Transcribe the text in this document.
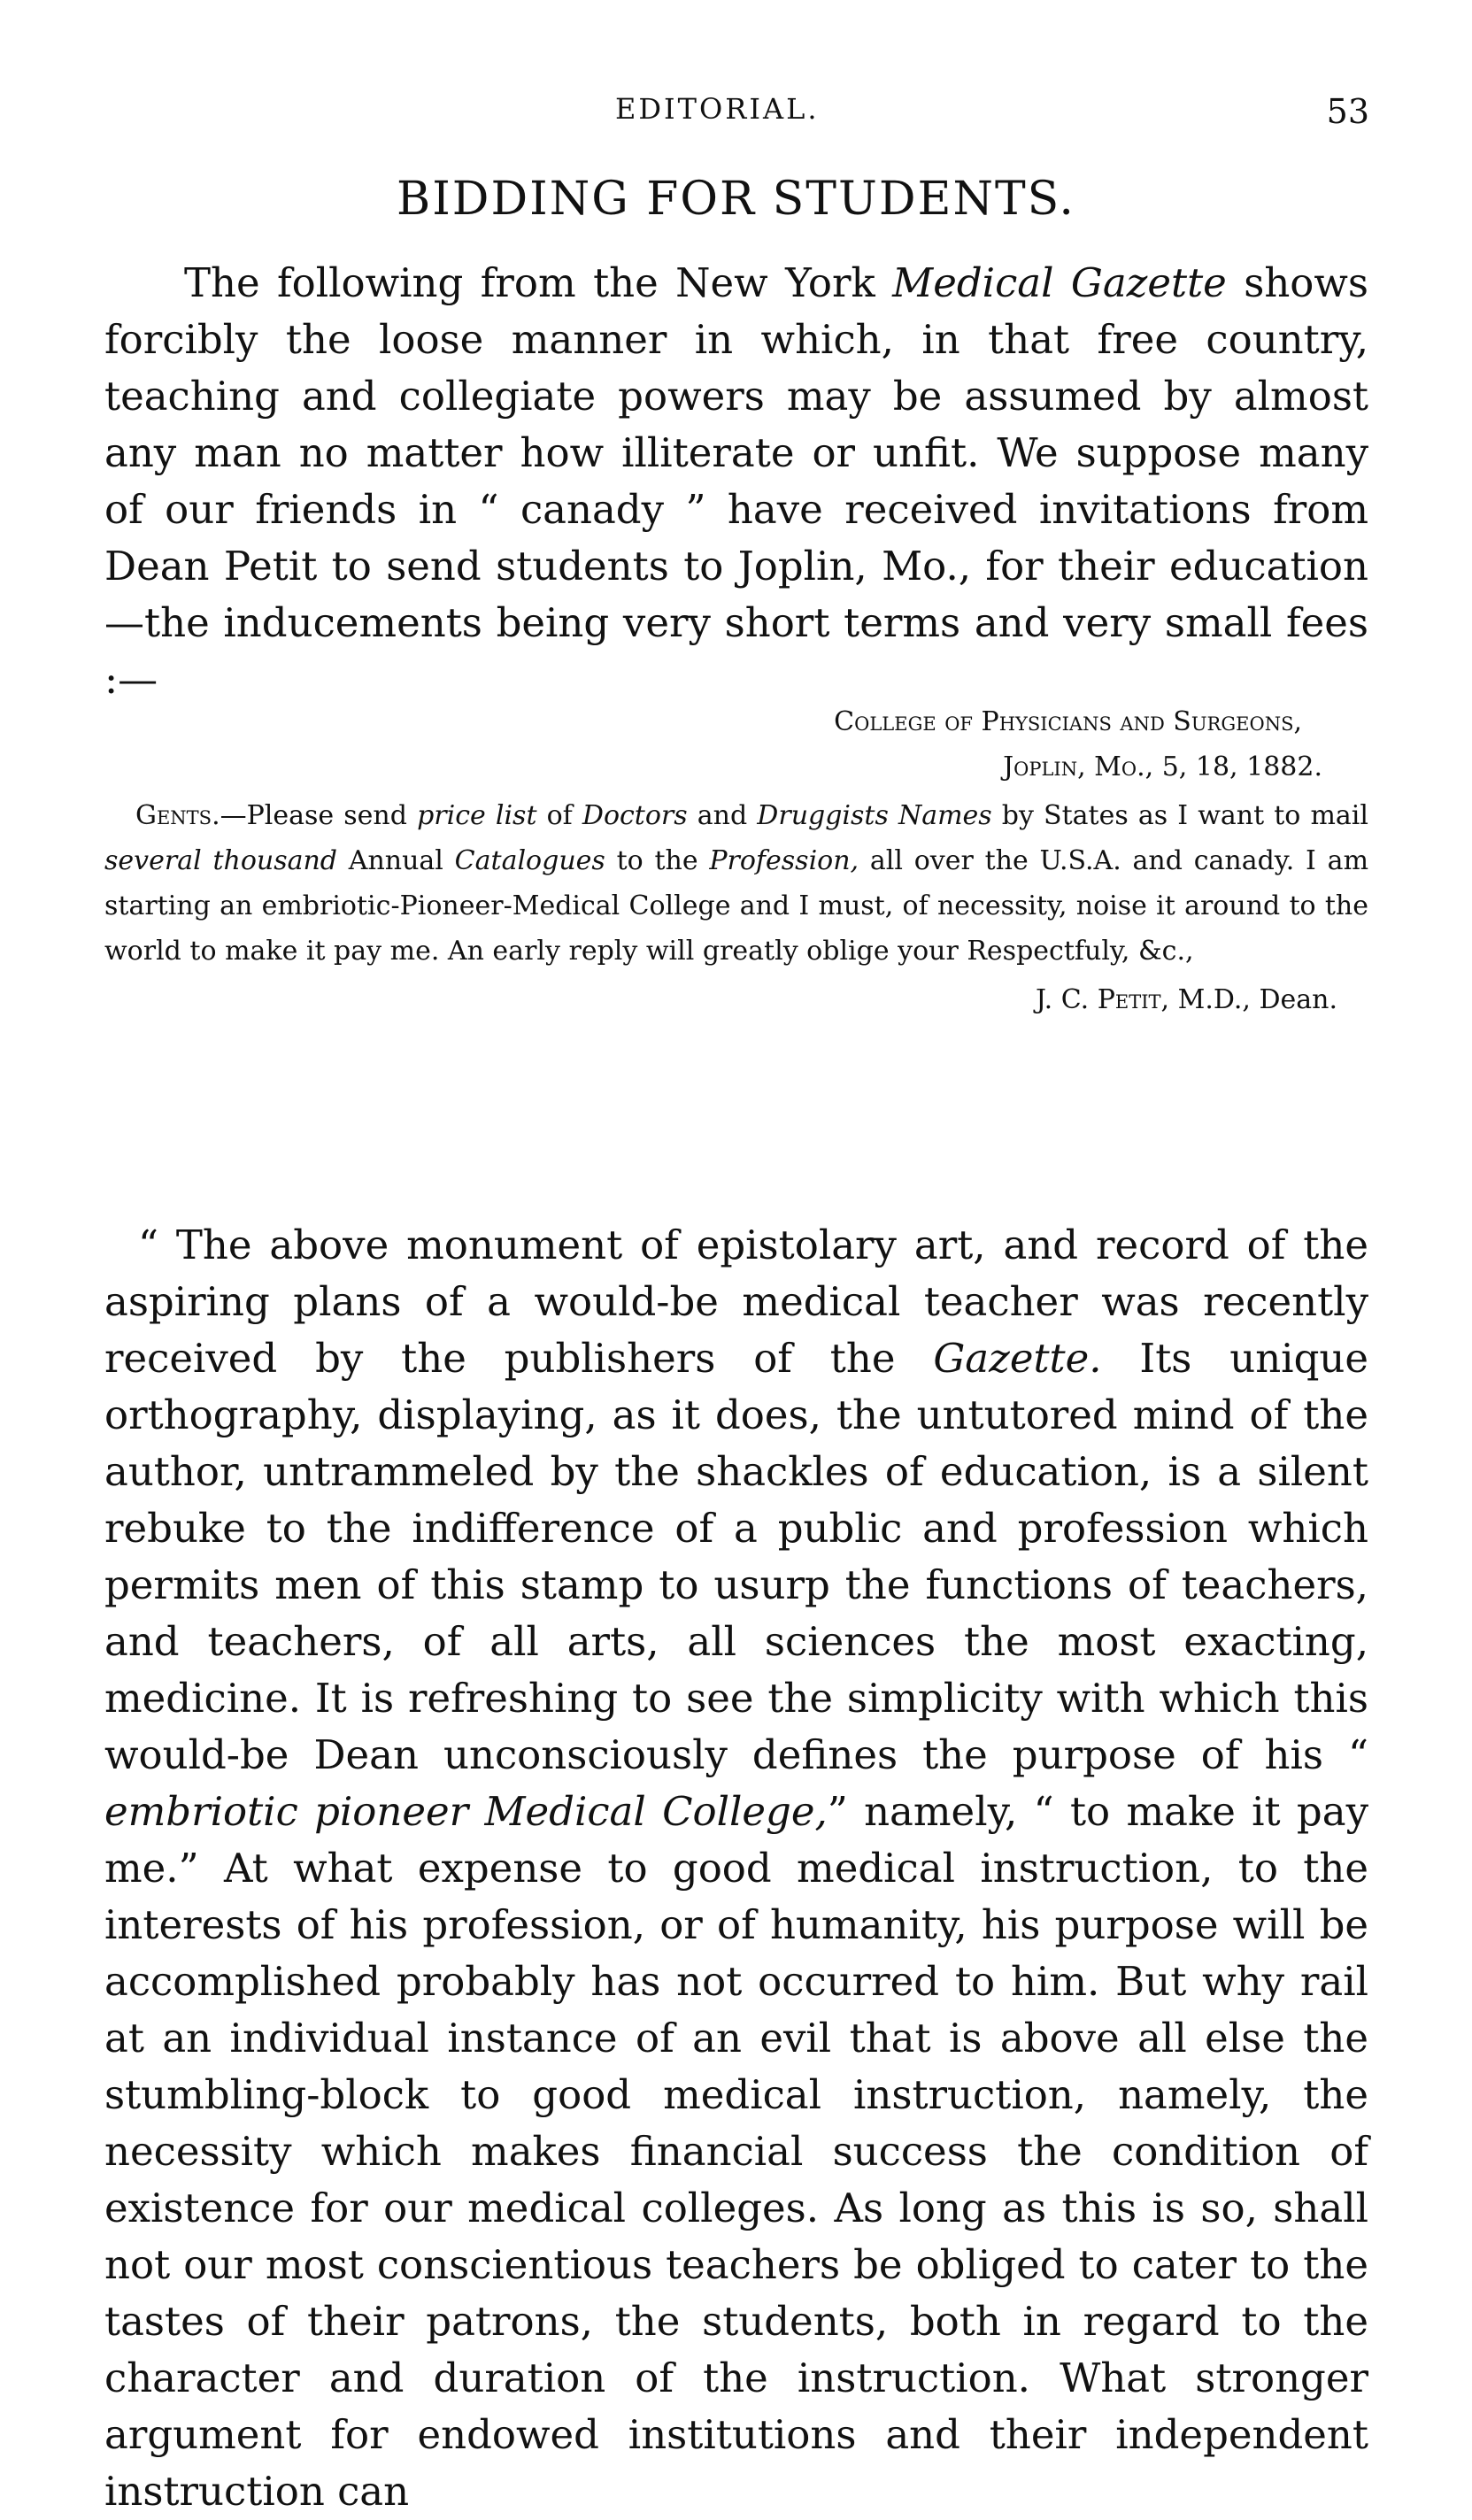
EDITORIAL.	53
BIDDING FOR STUDENTS.

The following from the New York Medical Gazette shows forcibly the loose manner in which, in that free country, teaching and collegiate powers may be assumed by almost any man no matter how illiterate or unfit. We suppose many of our friends in “ canady ” have received invitations from Dean Petit to send students to Joplin, Mo., for their education—the inducements being very short terms and very small fees :—

College of Physicians and Surgeons,
Joplin, Mo., 5, 18, 1882.
Gents.—Please send price list of Doctors and Druggists Names by States as I want to mail several thousand Annual Catalogues to the Profession, all over the U.S.A. and canady. I am starting an embriotic-Pioneer-Medical College and I must, of necessity, noise it around to the world to make it pay me. An early reply will greatly oblige your Respectfuly, &c.,
J. C. Petit, M.D., Dean.

“ The above monument of epistolary art, and record of the aspiring plans of a would-be medical teacher was recently received by the publishers of the Gazette. Its unique orthography, displaying, as it does, the untutored mind of the author, untrammeled by the shackles of education, is a silent rebuke to the indifference of a public and profession which permits men of this stamp to usurp the functions of teachers, and teachers, of all arts, all sciences the most exacting, medicine. It is refreshing to see the simplicity with which this would-be Dean unconsciously defines the purpose of his “ embriotic pioneer Medical College,” namely, “ to make it pay me.” At what expense to good medical instruction, to the interests of his profession, or of humanity, his purpose will be accomplished probably has not occurred to him. But why rail at an individual instance of an evil that is above all else the stumbling-block to good medical instruction, namely, the necessity which makes financial success the condition of existence for our medical colleges. As long as this is so, shall not our most conscientious teachers be obliged to cater to the tastes of their patrons, the students, both in regard to the character and duration of the instruction. What stronger argument for endowed institutions and their independent instruction can
